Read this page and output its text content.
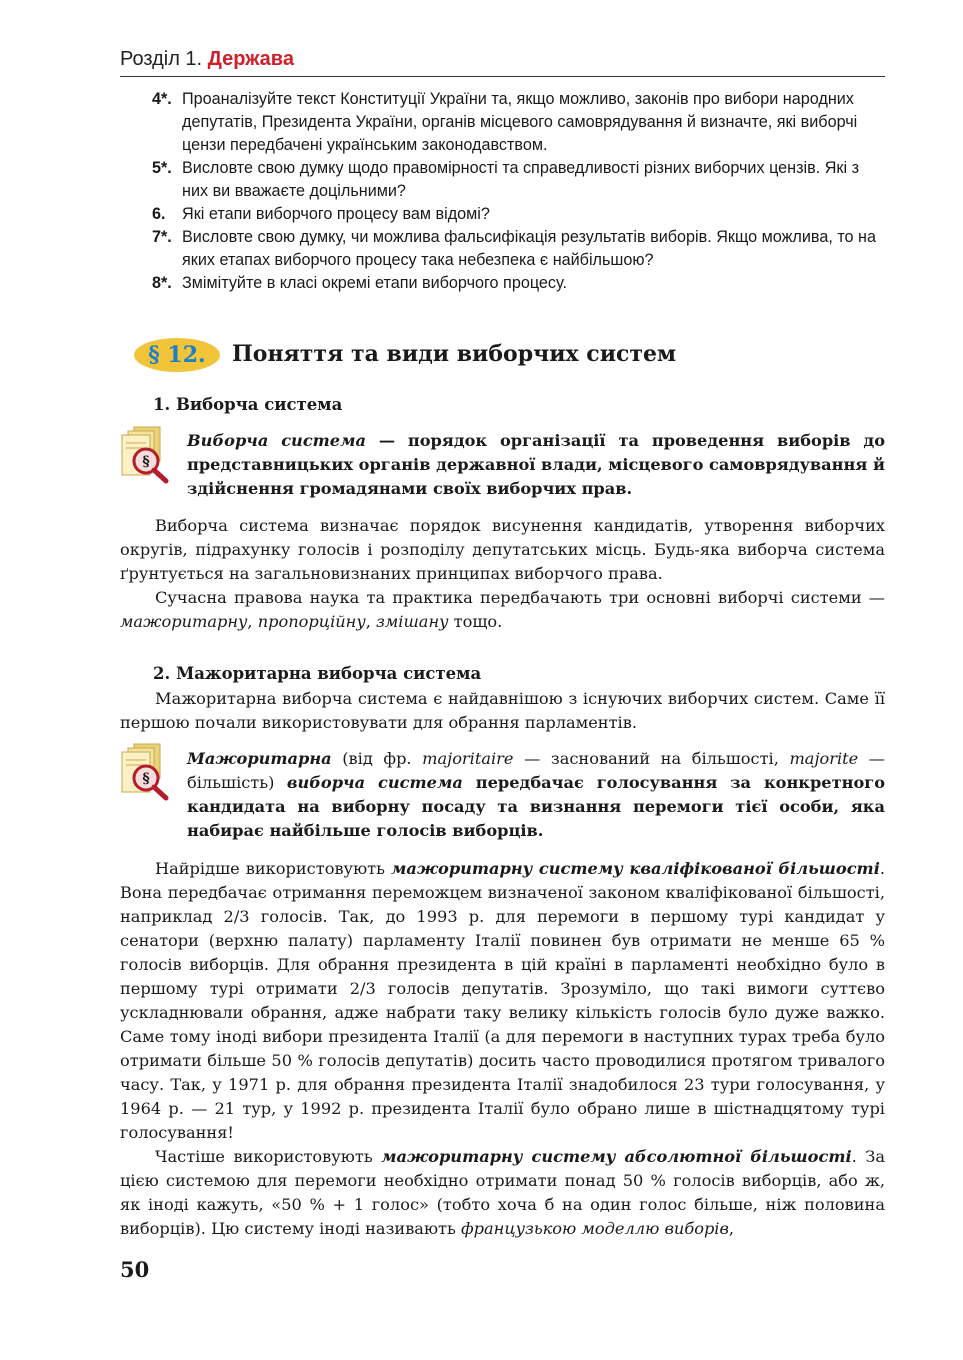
Розділ 1. Держава

4*. Проаналізуйте текст Конституції України та, якщо можливо, законів про вибори народних депутатів, Президента України, органів місцевого самоврядування й визначте, які виборчі цензи передбачені українським законодавством.

5*. Висловте свою думку щодо правомірності та справедливості різних виборчих цензів. Які з них ви вважаєте доцільними?

6. Які етапи виборчого процесу вам відомі?

7*. Висловте свою думку, чи можлива фальсифікація результатів виборів. Якщо можлива, то на яких етапах виборчого процесу така небезпека є найбільшою?

8*. Змімітуйте в класі окремі етапи виборчого процесу.

§ 12.	Поняття та види виборчих систем
1. Виборча система
§
Виборча система — порядок організації та проведення виборів до представницьких органів державної влади, місцевого самоврядування й здійснення громадянами своїх виборчих прав.

Виборча система визначає порядок висунення кандидатів, утворення виборчих округів, підрахунку голосів і розподілу депутатських місць. Будь-яка виборча система ґрунтується на загальновизнаних принципах виборчого права.

Сучасна правова наука та практика передбачають три основні виборчі системи — мажоритарну, пропорційну, змішану тощо.

2. Мажоритарна виборча система

Мажоритарна виборча система є найдавнішою з існуючих виборчих систем. Саме її першою почали використовувати для обрання парламентів.

§
Мажоритарна (від фр. majoritaire — заснований на більшості, majorite — більшість) виборча система передбачає голосування за конкретного кандидата на виборну посаду та визнання перемоги тієї особи, яка набирає найбільше голосів виборців.

Найрідше використовують мажоритарну систему кваліфікованої більшості. Вона передбачає отримання переможцем визначеної законом кваліфікованої більшості, наприклад 2/3 голосів. Так, до 1993 р. для перемоги в першому турі кандидат у сенатори (верхню палату) парламенту Італії повинен був отримати не менше 65 % голосів виборців. Для обрання президента в цій країні в парламенті необхідно було в першому турі отримати 2/3 голосів депутатів. Зрозуміло, що такі вимоги суттєво ускладнювали обрання, адже набрати таку велику кількість голосів було дуже важко. Саме тому іноді вибори президента Італії (а для перемоги в наступних турах треба було отримати більше 50 % голосів депутатів) досить часто проводилися протягом тривалого часу. Так, у 1971 р. для обрання президента Італії знадобилося 23 тури голосування, у 1964 р. — 21 тур, у 1992 р. президента Італії було обрано лише в шістнадцятому турі голосування!

Частіше використовують мажоритарну систему абсолютної більшості. За цією системою для перемоги необхідно отримати понад 50 % голосів виборців, або ж, як іноді кажуть, «50 % + 1 голос» (тобто хоча б на один голос більше, ніж половина виборців). Цю систему іноді називають французькою моделлю виборів,

50
